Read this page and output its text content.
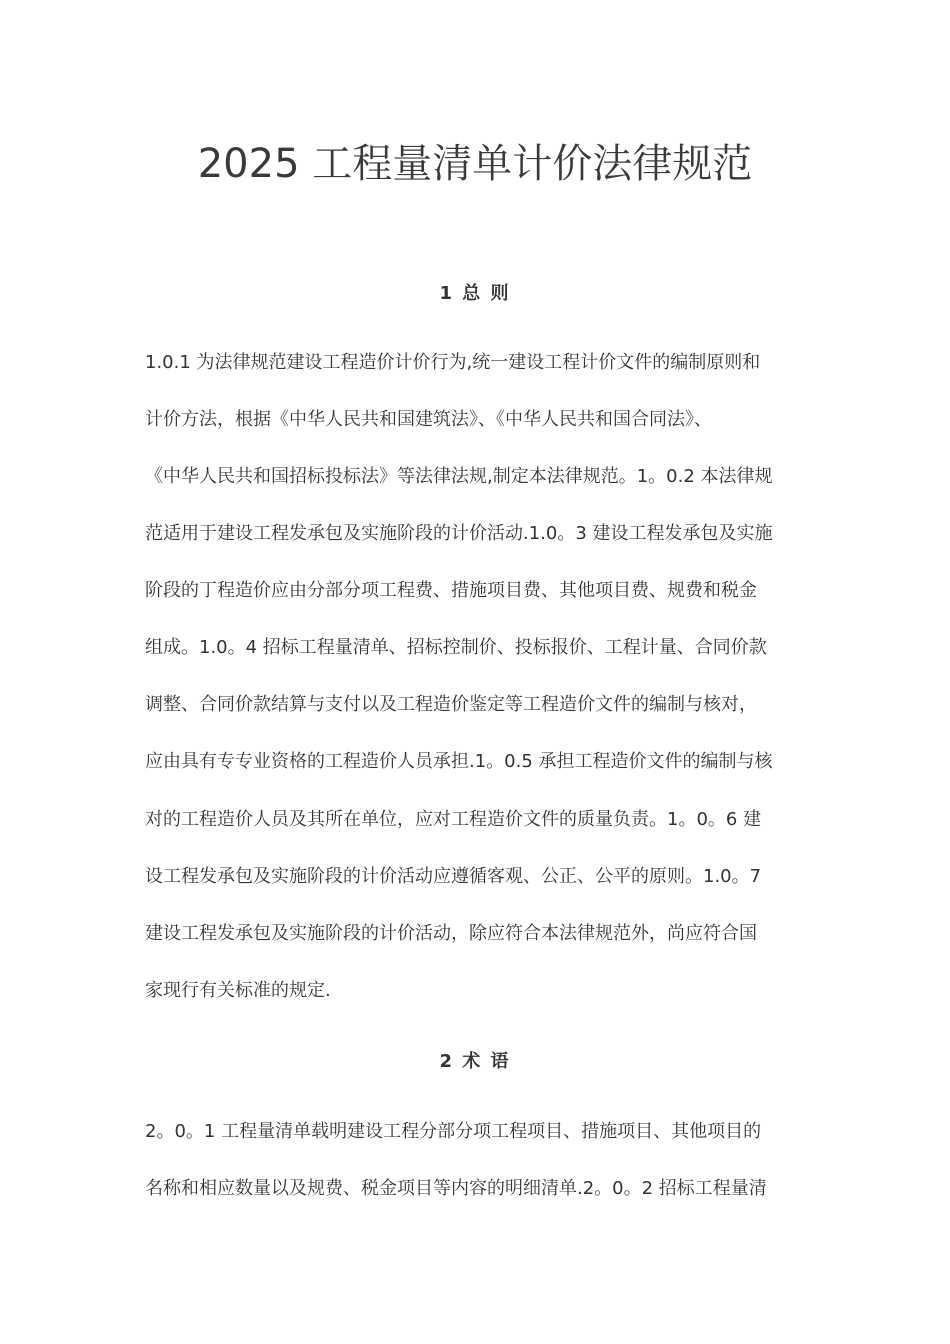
2025 工程量清单计价法律规范
1 总 则
1.0.1 为法律规范建设工程造价计价行为,统一建设工程计价文件的编制原则和
计价方法，根据《中华人民共和国建筑法》、《中华人民共和国合同法》、
《中华人民共和国招标投标法》等法律法规,制定本法律规范。1。0.2 本法律规
范适用于建设工程发承包及实施阶段的计价活动.1.0。3 建设工程发承包及实施
阶段的丁程造价应由分部分项工程费、措施项目费、其他项目费、规费和税金
组成。1.0。4 招标工程量清单、招标控制价、投标报价、工程计量、合同价款
调整、合同价款结算与支付以及工程造价鉴定等工程造价文件的编制与核对，
应由具有专专业资格的工程造价人员承担.1。0.5 承担工程造价文件的编制与核
对的工程造价人员及其所在单位，应对工程造价文件的质量负责。1。0。6 建
设工程发承包及实施阶段的计价活动应遵循客观、公正、公平的原则。1.0。7
建设工程发承包及实施阶段的计价活动，除应符合本法律规范外，尚应符合国
家现行有关标准的规定.
2 术 语
2。0。1 工程量清单载明建设工程分部分项工程项目、措施项目、其他项目的
名称和相应数量以及规费、税金项目等内容的明细清单.2。0。2 招标工程量清
